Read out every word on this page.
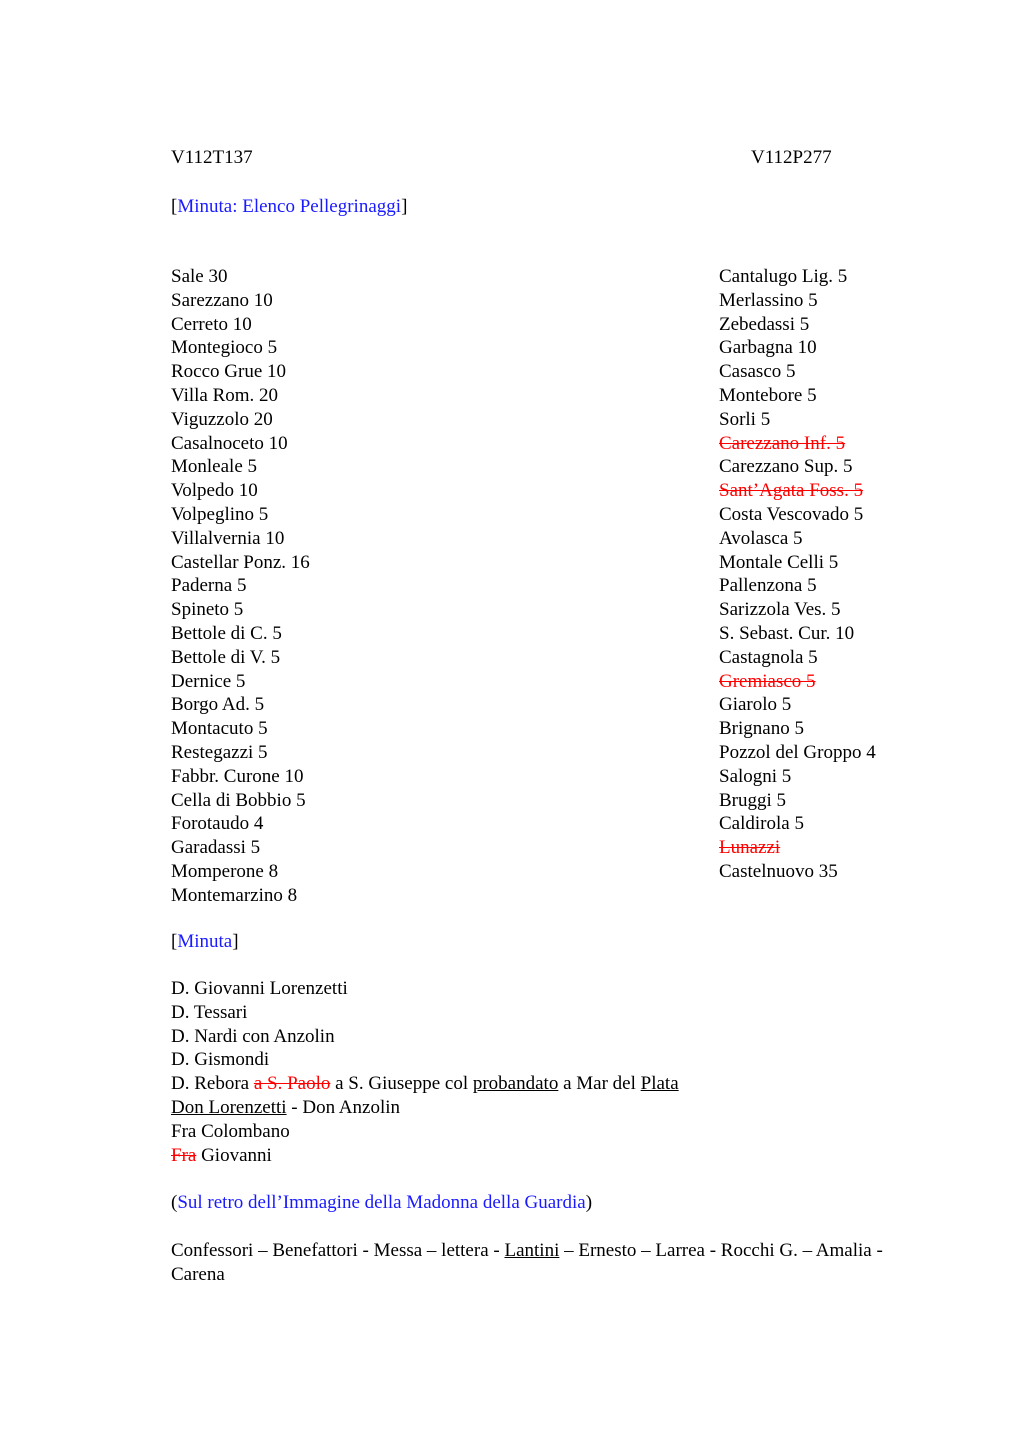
V112T137	V112P277
[Minuta: Elenco Pellegrinaggi]
Sale 30
Sarezzano 10
Cerreto 10
Montegioco 5
Rocco Grue 10
Villa Rom. 20
Viguzzolo 20
Casalnoceto 10
Monleale 5
Volpedo 10
Volpeglino 5
Villalvernia 10
Castellar Ponz. 16
Paderna 5
Spineto 5
Bettole di C. 5
Bettole di V. 5
Dernice 5
Borgo Ad. 5
Montacuto 5
Restegazzi 5
Fabbr. Curone 10
Cella di Bobbio 5
Forotaudo 4
Garadassi 5
Momperone 8
Montemarzino 8
Cantalugo Lig. 5
Merlassino 5
Zebedassi 5
Garbagna 10
Casasco 5
Montebore 5
Sorli 5
Carezzano Inf. 5
Carezzano Sup. 5
Sant’Agata Foss. 5
Costa Vescovado 5
Avolasca 5
Montale Celli 5
Pallenzona 5
Sarizzola Ves. 5
S. Sebast. Cur. 10
Castagnola 5
Gremiasco 5
Giarolo 5
Brignano 5
Pozzol del Groppo 4
Salogni 5
Bruggi 5
Caldirola 5
Lunazzi
Castelnuovo 35
[Minuta]
D. Giovanni Lorenzetti
D. Tessari
D. Nardi con Anzolin
D. Gismondi
D. Rebora a S. Paolo a S. Giuseppe col probandato a Mar del Plata
Don Lorenzetti - Don Anzolin
Fra Colombano
Fra Giovanni
(Sul retro dell’Immagine della Madonna della Guardia)
Confessori – Benefattori - Messa – lettera - Lantini – Ernesto – Larrea - Rocchi G. – Amalia - Carena
